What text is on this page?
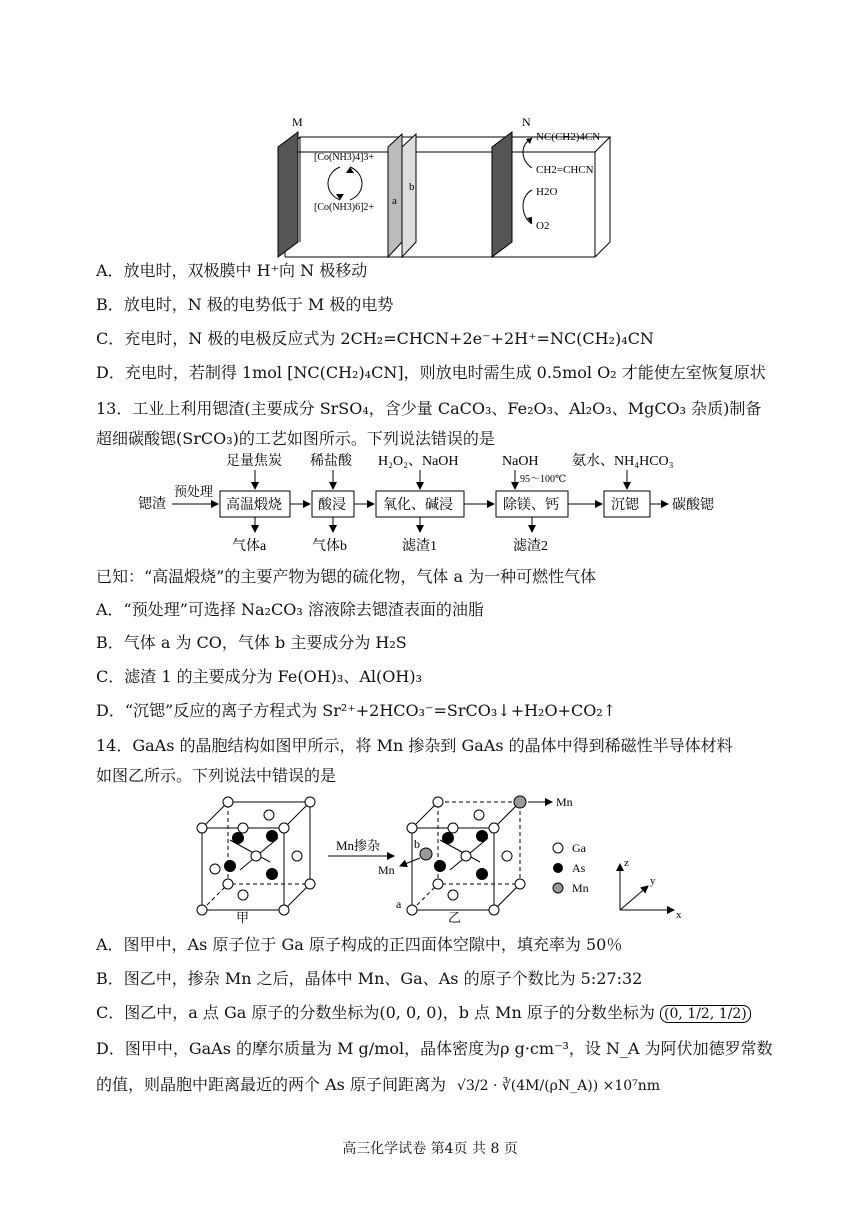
M	N
a
b
[Co(NH3)4]3+
[Co(NH3)6]2+
NC(CH2)4CN
CH2=CHCN
H2O
O2
A．放电时，双极膜中 H⁺向 N 极移动
B．放电时，N 极的电势低于 M 极的电势
C．充电时，N 极的电极反应式为 2CH₂=CHCN+2e⁻+2H⁺=NC(CH₂)₄CN
D．充电时，若制得 1mol [NC(CH₂)₄CN]，则放电时需生成 0.5mol O₂ 才能使左室恢复原状
13．工业上利用锶渣(主要成分 SrSO₄，含少量 CaCO₃、Fe₂O₃、Al₂O₃、MgCO₃ 杂质)制备
超细碳酸锶(SrCO₃)的工艺如图所示。下列说法错误的是
锶渣
预处理
高温煅烧
足量焦炭
气体a
酸浸
稀盐酸
气体b
氧化、碱浸
H₂O₂、NaOH
滤渣1
除镁、钙
NaOH
95～100℃
滤渣2
沉锶
氨水、NH₄HCO₃
碳酸锶
已知：“高温煅烧”的主要产物为锶的硫化物，气体 a 为一种可燃性气体
A．“预处理”可选择 Na₂CO₃ 溶液除去锶渣表面的油脂
B．气体 a 为 CO，气体 b 主要成分为 H₂S
C．滤渣 1 的主要成分为 Fe(OH)₃、Al(OH)₃
D．“沉锶”反应的离子方程式为 Sr²⁺+2HCO₃⁻=SrCO₃↓+H₂O+CO₂↑
14．GaAs 的晶胞结构如图甲所示，将 Mn 掺杂到 GaAs 的晶体中得到稀磁性半导体材料
如图乙所示。下列说法中错误的是
甲
Mn掺杂
Mn
Mn
b
a
乙
Ga
As
Mn
x
z
y
A．图甲中，As 原子位于 Ga 原子构成的正四面体空隙中，填充率为 50％
B．图乙中，掺杂 Mn 之后，晶体中 Mn、Ga、As 的原子个数比为 5:27:32
C．图乙中，a 点 Ga 原子的分数坐标为(0, 0, 0)，b 点 Mn 原子的分数坐标为 (0, 1/2, 1/2)
D．图甲中，GaAs 的摩尔质量为 M g/mol，晶体密度为ρ g·cm⁻³，设 N_A 为阿伏加德罗常数
的值，则晶胞中距离最近的两个 As 原子间距离为 √3/2 · ∛(4M/(ρN_A)) ×10⁷nm
高三化学试卷 第4页 共 8 页
